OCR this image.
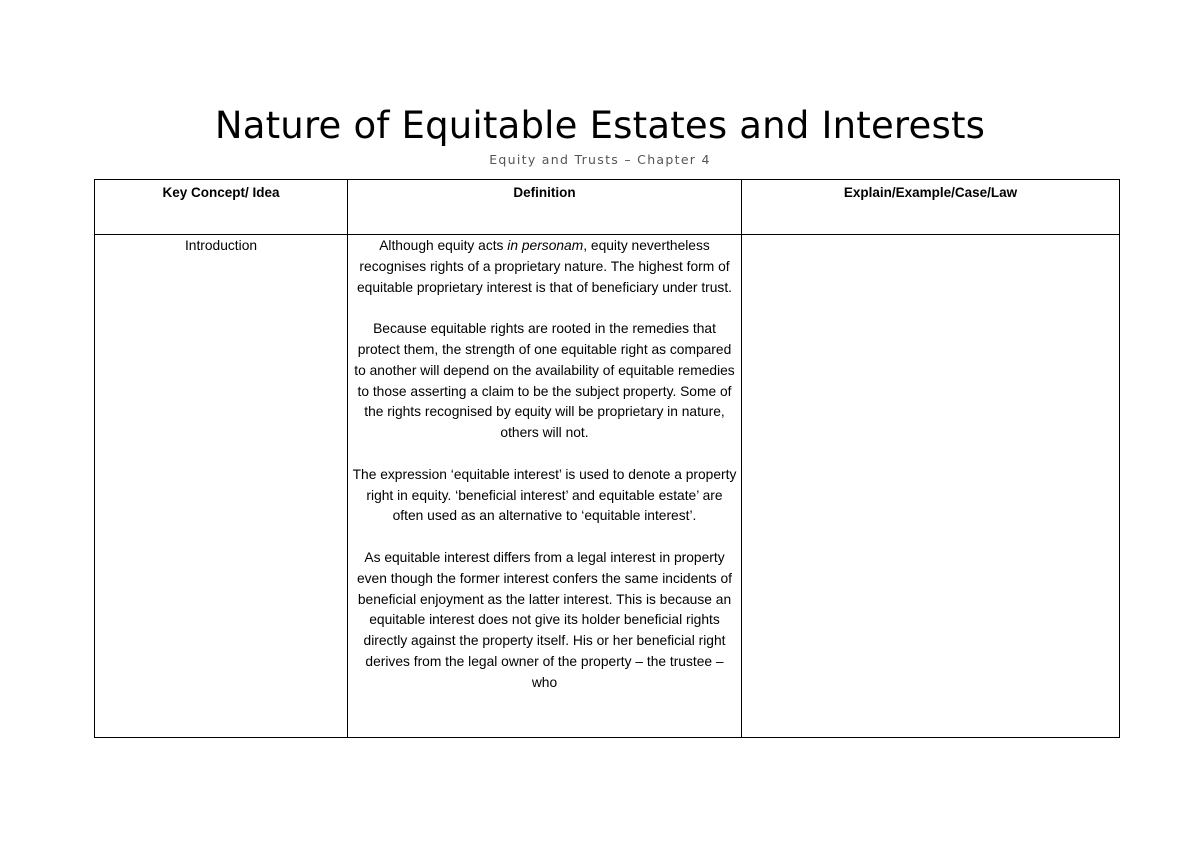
Nature of Equitable Estates and Interests

Equity and Trusts – Chapter 4

Key Concept/ Idea	Definition	Explain/Example/Case/Law
Introduction	Although equity acts in personam, equity nevertheless recognises rights of a proprietary nature. The highest form of equitable proprietary interest is that of beneficiary under trust.

Because equitable rights are rooted in the remedies that protect them, the strength of one equitable right as compared to another will depend on the availability of equitable remedies to those asserting a claim to be the subject property. Some of the rights recognised by equity will be proprietary in nature, others will not.

The expression ‘equitable interest’ is used to denote a property right in equity. ‘beneficial interest’ and equitable estate’ are often used as an alternative to ‘equitable interest’.

As equitable interest differs from a legal interest in property even though the former interest confers the same incidents of beneficial enjoyment as the latter interest. This is because an equitable interest does not give its holder beneficial rights directly against the property itself. His or her beneficial right derives from the legal owner of the property – the trustee – who	
